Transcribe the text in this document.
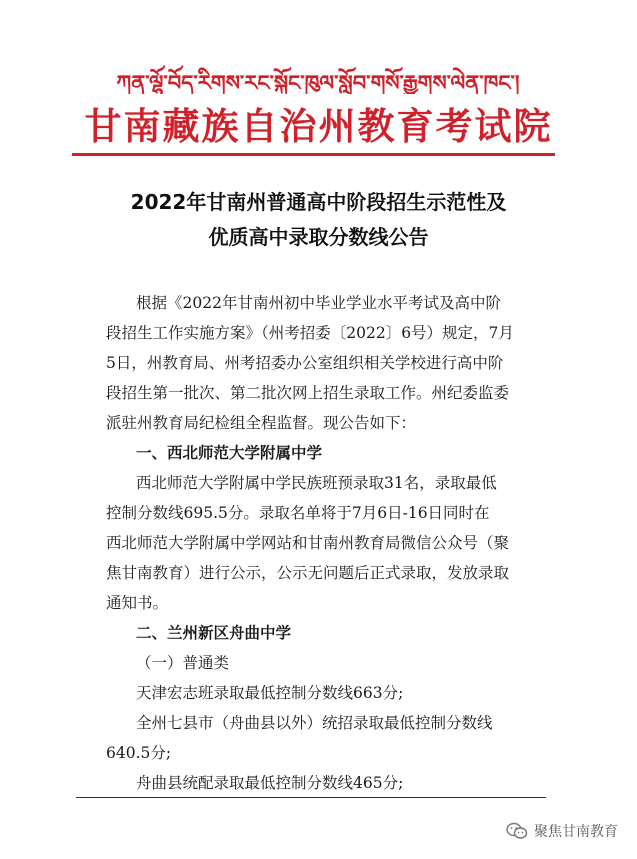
ཀན་ལྷོ་བོད་རིགས་རང་སྐྱོང་ཁུལ་སློབ་གསོ་རྒྱུགས་ལེན་ཁང་།
甘南藏族自治州教育考试院
2022年甘南州普通高中阶段招生示范性及
优质高中录取分数线公告
根据《2022年甘南州初中毕业学业水平考试及高中阶
段招生工作实施方案》（州考招委〔2022〕6号）规定，7月
5日，州教育局、州考招委办公室组织相关学校进行高中阶
段招生第一批次、第二批次网上招生录取工作。州纪委监委
派驻州教育局纪检组全程监督。现公告如下：
一、西北师范大学附属中学
西北师范大学附属中学民族班预录取31名，录取最低
控制分数线695.5分。录取名单将于7月6日-16日同时在
西北师范大学附属中学网站和甘南州教育局微信公众号（聚
焦甘南教育）进行公示，公示无问题后正式录取，发放录取
通知书。
二、兰州新区舟曲中学
（一）普通类
天津宏志班录取最低控制分数线663分;
全州七县市（舟曲县以外）统招录取最低控制分数线
640.5分;
舟曲县统配录取最低控制分数线465分;
聚焦甘南教育
